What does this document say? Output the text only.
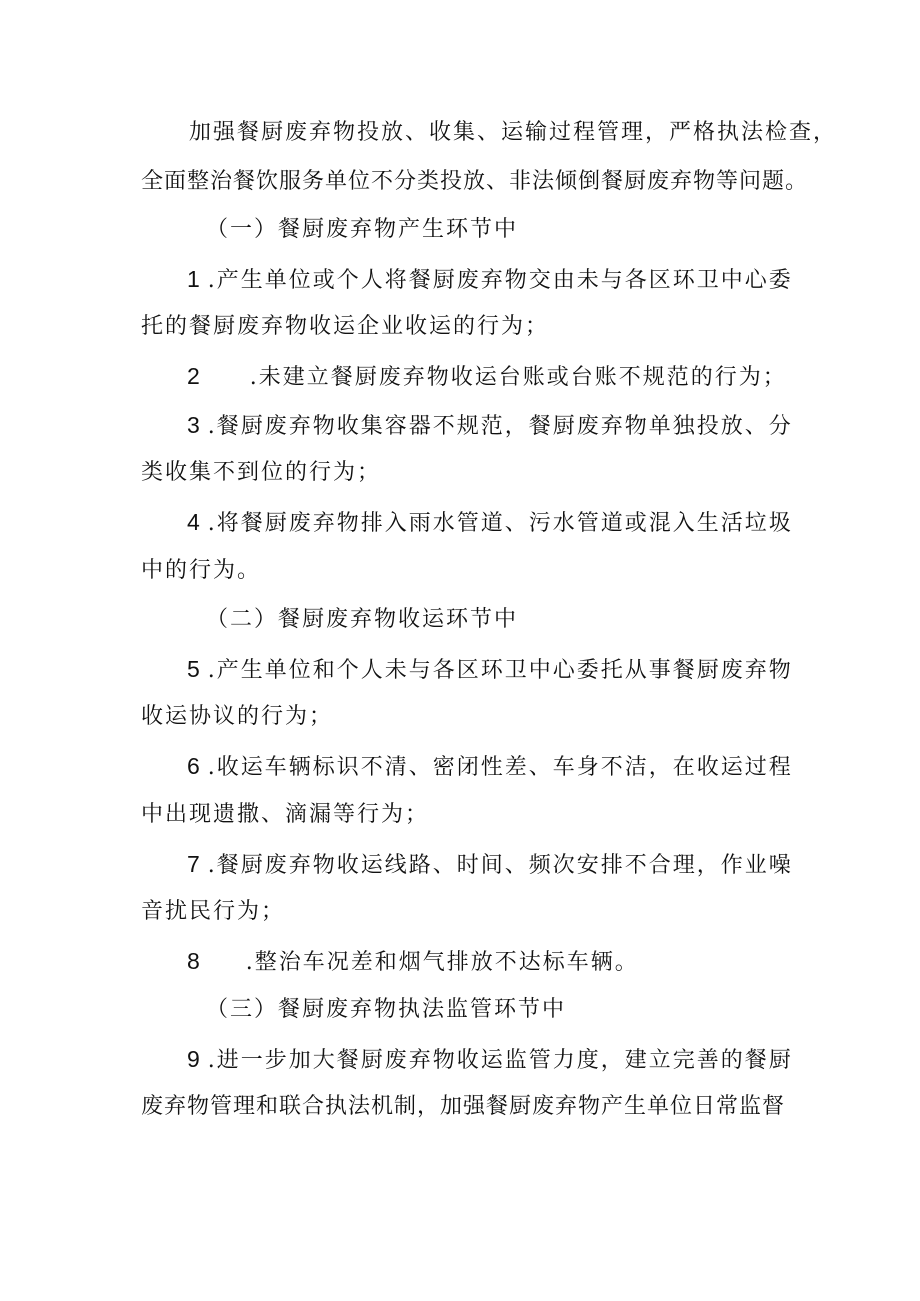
加强餐厨废弃物投放、收集、运输过程管理，严格执法检查，
全面整治餐饮服务单位不分类投放、非法倾倒餐厨废弃物等问题。
（一）餐厨废弃物产生环节中
1 .产生单位或个人将餐厨废弃物交由未与各区环卫中心委
托的餐厨废弃物收运企业收运的行为；
2 .未建立餐厨废弃物收运台账或台账不规范的行为；
3 .餐厨废弃物收集容器不规范，餐厨废弃物单独投放、分
类收集不到位的行为；
4 .将餐厨废弃物排入雨水管道、污水管道或混入生活垃圾
中的行为。
（二）餐厨废弃物收运环节中
5 .产生单位和个人未与各区环卫中心委托从事餐厨废弃物
收运协议的行为；
6 .收运车辆标识不清、密闭性差、车身不洁，在收运过程
中出现遗撒、滴漏等行为；
7 .餐厨废弃物收运线路、时间、频次安排不合理，作业噪
音扰民行为；
8 .整治车况差和烟气排放不达标车辆。
（三）餐厨废弃物执法监管环节中
9 .进一步加大餐厨废弃物收运监管力度，建立完善的餐厨
废弃物管理和联合执法机制，加强餐厨废弃物产生单位日常监督
